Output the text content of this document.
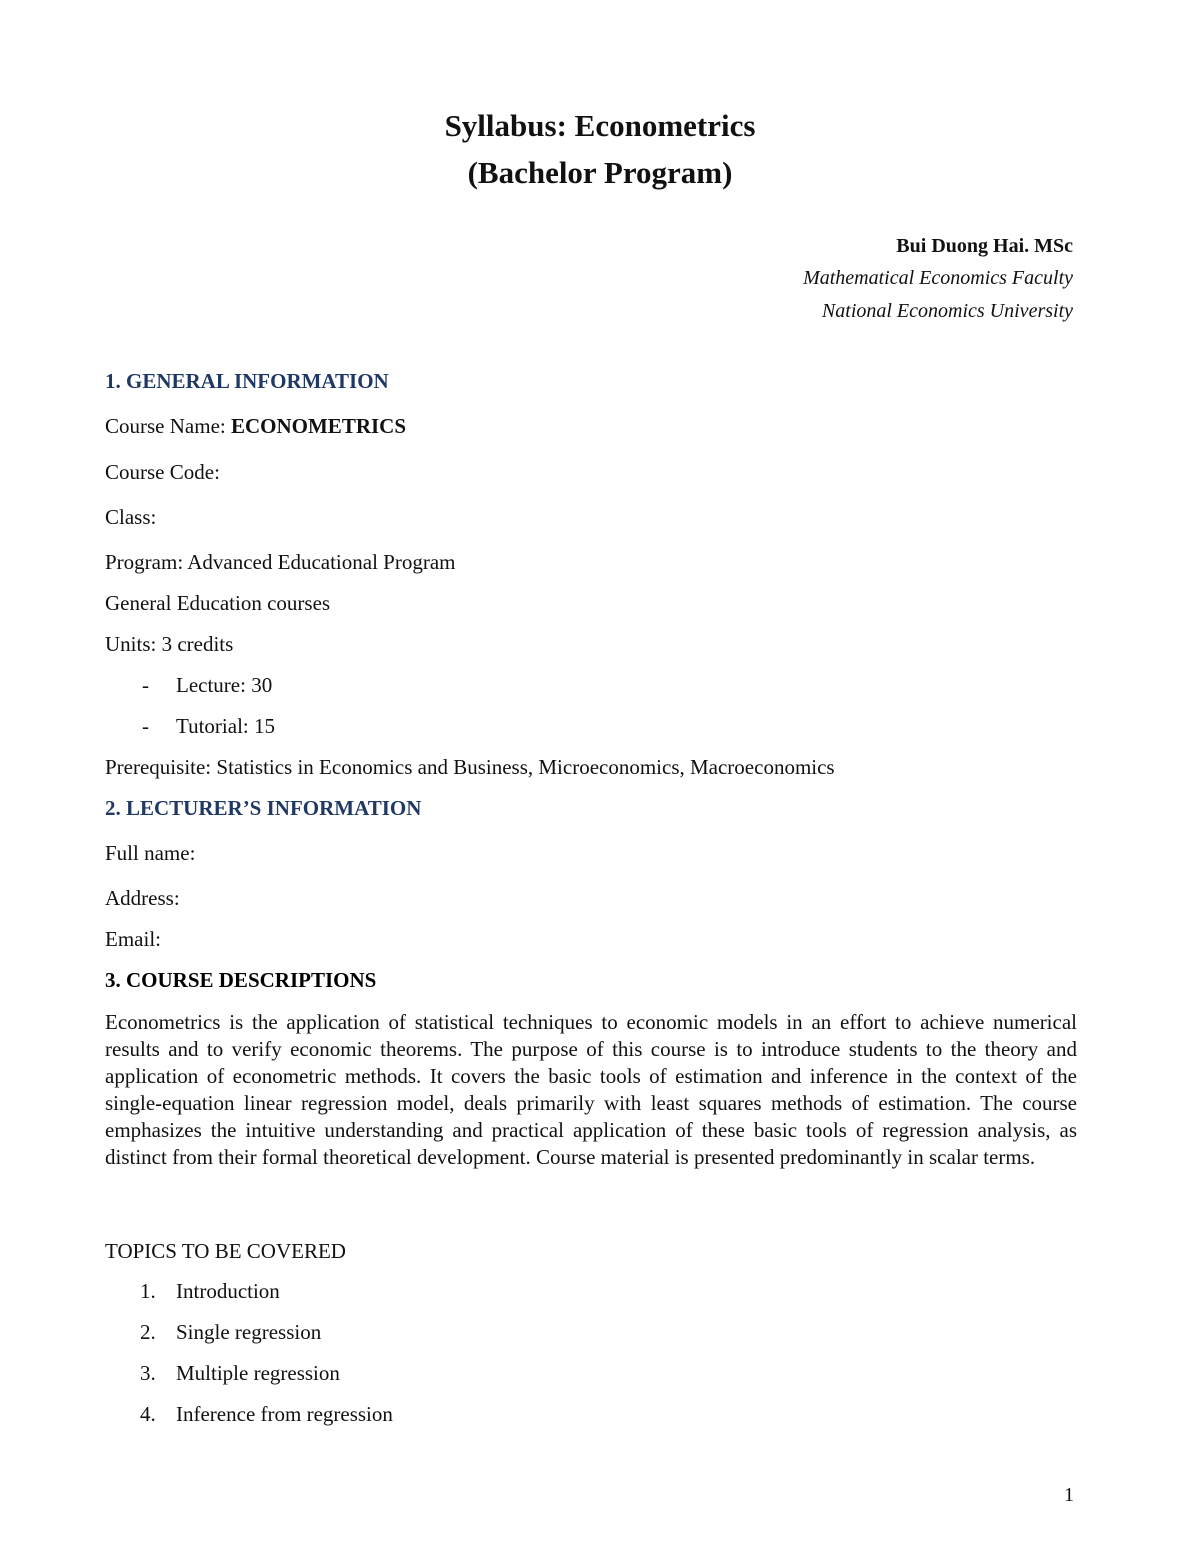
Syllabus: Econometrics
(Bachelor Program)
Bui Duong Hai. MSc
Mathematical Economics Faculty
National Economics University
1. GENERAL INFORMATION
Course Name: ECONOMETRICS
Course Code:
Class:
Program: Advanced Educational Program
General Education courses
Units: 3 credits
- Lecture: 30
- Tutorial: 15
Prerequisite: Statistics in Economics and Business, Microeconomics, Macroeconomics
2. LECTURER’S INFORMATION
Full name:
Address:
Email:
3. COURSE DESCRIPTIONS
Econometrics is the application of statistical techniques to economic models in an effort to achieve numerical results and to verify economic theorems. The purpose of this course is to introduce students to the theory and application of econometric methods. It covers the basic tools of estimation and inference in the context of the single-equation linear regression model, deals primarily with least squares methods of estimation. The course emphasizes the intuitive understanding and practical application of these basic tools of regression analysis, as distinct from their formal theoretical development. Course material is presented predominantly in scalar terms.
TOPICS TO BE COVERED
1. Introduction
2. Single regression
3. Multiple regression
4. Inference from regression
1
